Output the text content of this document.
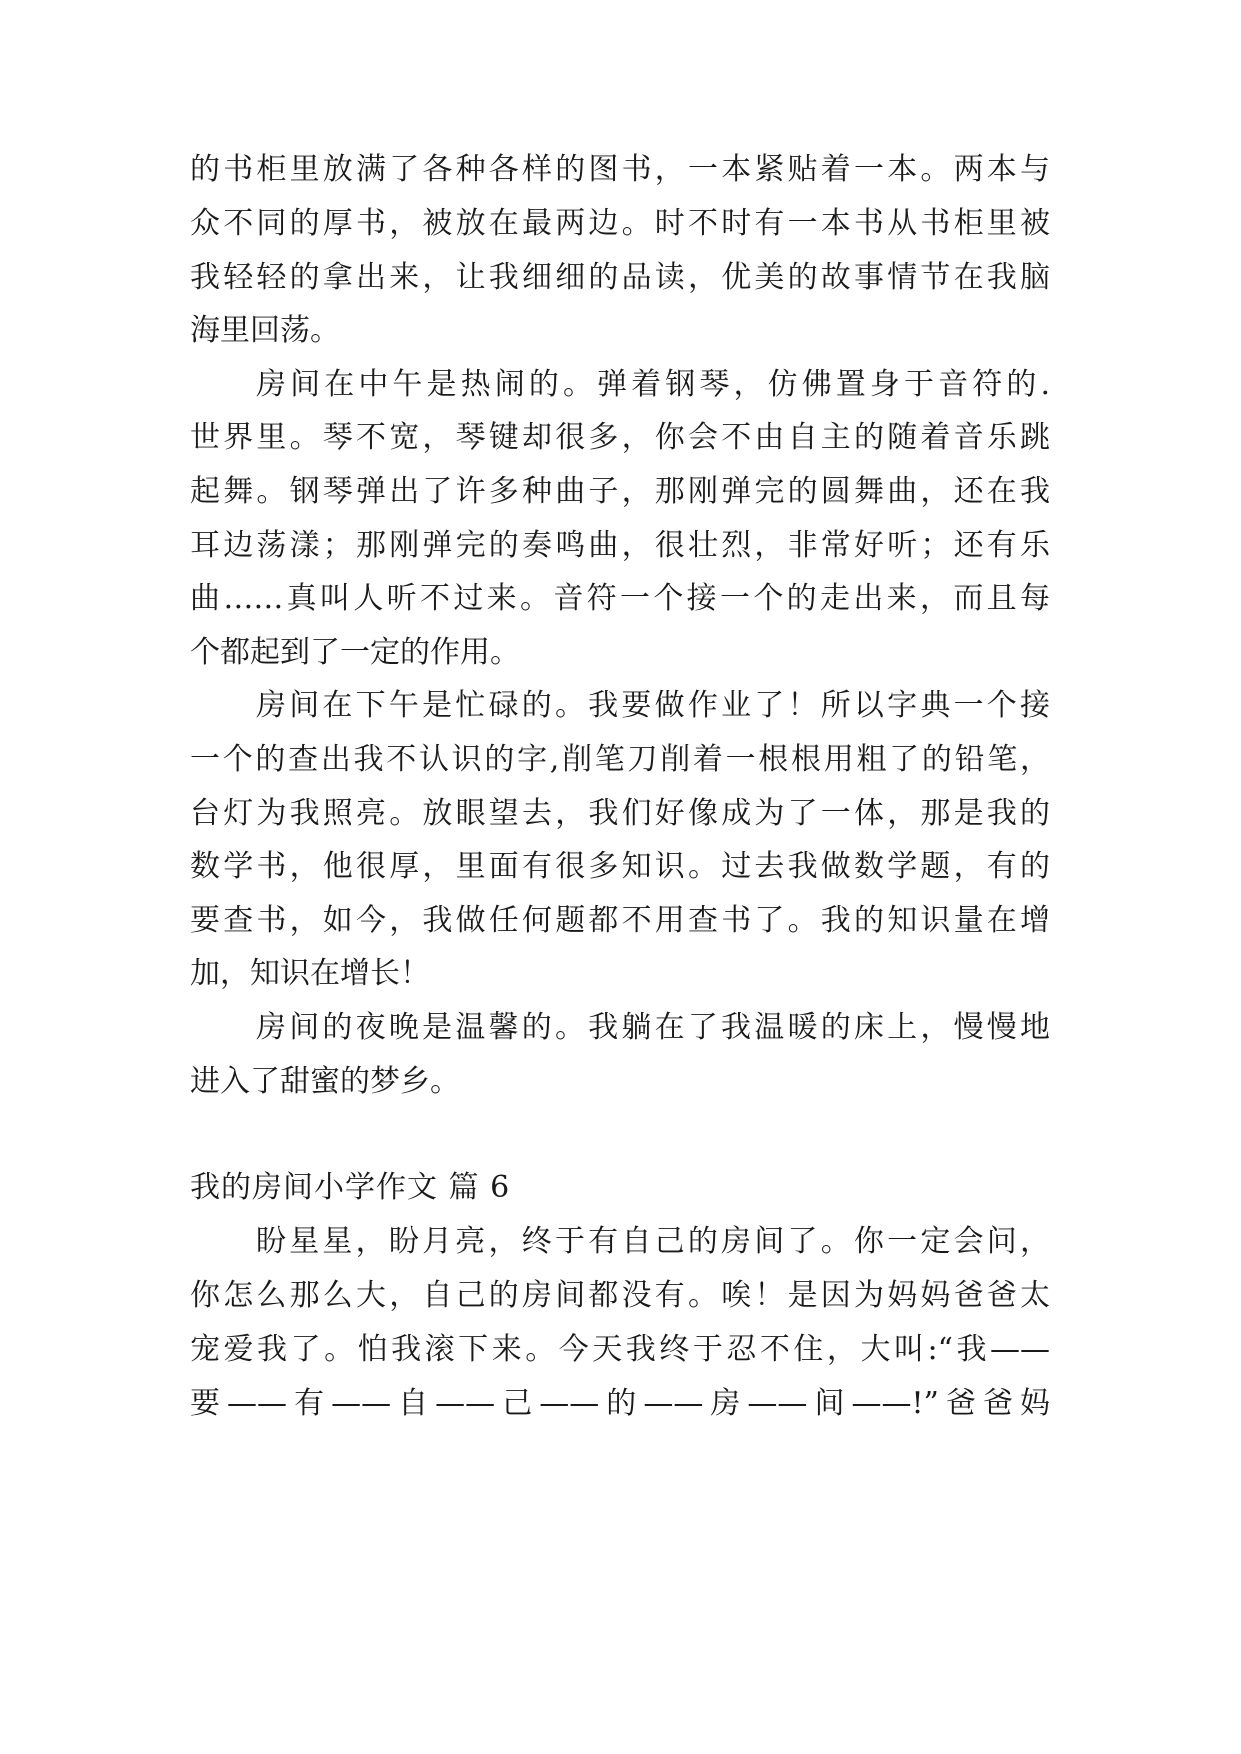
的书柜里放满了各种各样的图书，一本紧贴着一本。两本与
众不同的厚书，被放在最两边。时不时有一本书从书柜里被
我轻轻的拿出来，让我细细的品读，优美的故事情节在我脑
海里回荡。
房间在中午是热闹的。弹着钢琴，仿佛置身于音符的.
世界里。琴不宽，琴键却很多，你会不由自主的随着音乐跳
起舞。钢琴弹出了许多种曲子，那刚弹完的圆舞曲，还在我
耳边荡漾；那刚弹完的奏鸣曲，很壮烈，非常好听；还有乐
曲……真叫人听不过来。音符一个接一个的走出来，而且每
个都起到了一定的作用。
房间在下午是忙碌的。我要做作业了！所以字典一个接
一个的查出我不认识的字,削笔刀削着一根根用粗了的铅笔，
台灯为我照亮。放眼望去，我们好像成为了一体，那是我的
数学书，他很厚，里面有很多知识。过去我做数学题，有的
要查书，如今，我做任何题都不用查书了。我的知识量在增
加，知识在增长！
房间的夜晚是温馨的。我躺在了我温暖的床上，慢慢地
进入了甜蜜的梦乡。
我的房间小学作文 篇 6
盼星星，盼月亮，终于有自己的房间了。你一定会问，
你怎么那么大，自己的房间都没有。唉！是因为妈妈爸爸太
宠爱我了。怕我滚下来。今天我终于忍不住，大叫:“我——
要——有——自——己——的——房——间——!”爸爸妈
